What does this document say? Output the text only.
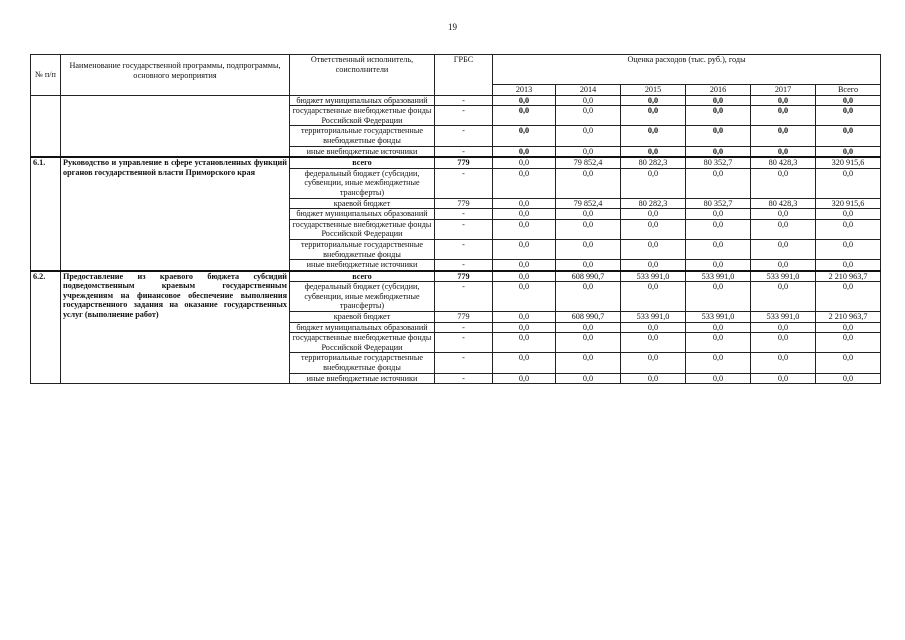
19
№ п/п	Наименование государственной программы, подпрограммы, основного мероприятия	Ответственный исполнитель, соисполнители	ГРБС	Оценка расходов (тыс. руб.), годы					
				2013	2014	2015	2016	2017	Всего
		бюджет муниципальных образований	-	0,0	0,0	0,0	0,0	0,0	0,0
		государственные внебюджетные фонды Российской Федерации	-	0,0	0,0	0,0	0,0	0,0	0,0
		территориальные государственные внебюджетные фонды	-	0,0	0,0	0,0	0,0	0,0	0,0
		иные внебюджетные источники	-	0,0	0,0	0,0	0,0	0,0	0,0
6.1.	Руководство и управление в сфере установленных функций органов государственной власти Приморского края	всего	779	0,0	79 852,4	80 282,3	80 352,7	80 428,3	320 915,6
		федеральный бюджет (субсидии, субвенции, иные межбюджетные трансферты)	-	0,0	0,0	0,0	0,0	0,0	0,0
		краевой бюджет	779	0,0	79 852,4	80 282,3	80 352,7	80 428,3	320 915,6
		бюджет муниципальных образований	-	0,0	0,0	0,0	0,0	0,0	0,0
		государственные внебюджетные фонды Российской Федерации	-	0,0	0,0	0,0	0,0	0,0	0,0
		территориальные государственные внебюджетные фонды	-	0,0	0,0	0,0	0,0	0,0	0,0
		иные внебюджетные источники	-	0,0	0,0	0,0	0,0	0,0	0,0
6.2.	Предоставление из краевого бюджета субсидий подведомственным краевым государственным учреждениям на финансовое обеспечение выполнения государственного задания на оказание государственных услуг (выполнение работ)	всего	779	0,0	608 990,7	533 991,0	533 991,0	533 991,0	2 210 963,7
		федеральный бюджет (субсидии, субвенции, иные межбюджетные трансферты)	-	0,0	0,0	0,0	0,0	0,0	0,0
		краевой бюджет	779	0,0	608 990,7	533 991,0	533 991,0	533 991,0	2 210 963,7
		бюджет муниципальных образований	-	0,0	0,0	0,0	0,0	0,0	0,0
		государственные внебюджетные фонды Российской Федерации	-	0,0	0,0	0,0	0,0	0,0	0,0
		территориальные государственные внебюджетные фонды	-	0,0	0,0	0,0	0,0	0,0	0,0
		иные внебюджетные источники	-	0,0	0,0	0,0	0,0	0,0	0,0
